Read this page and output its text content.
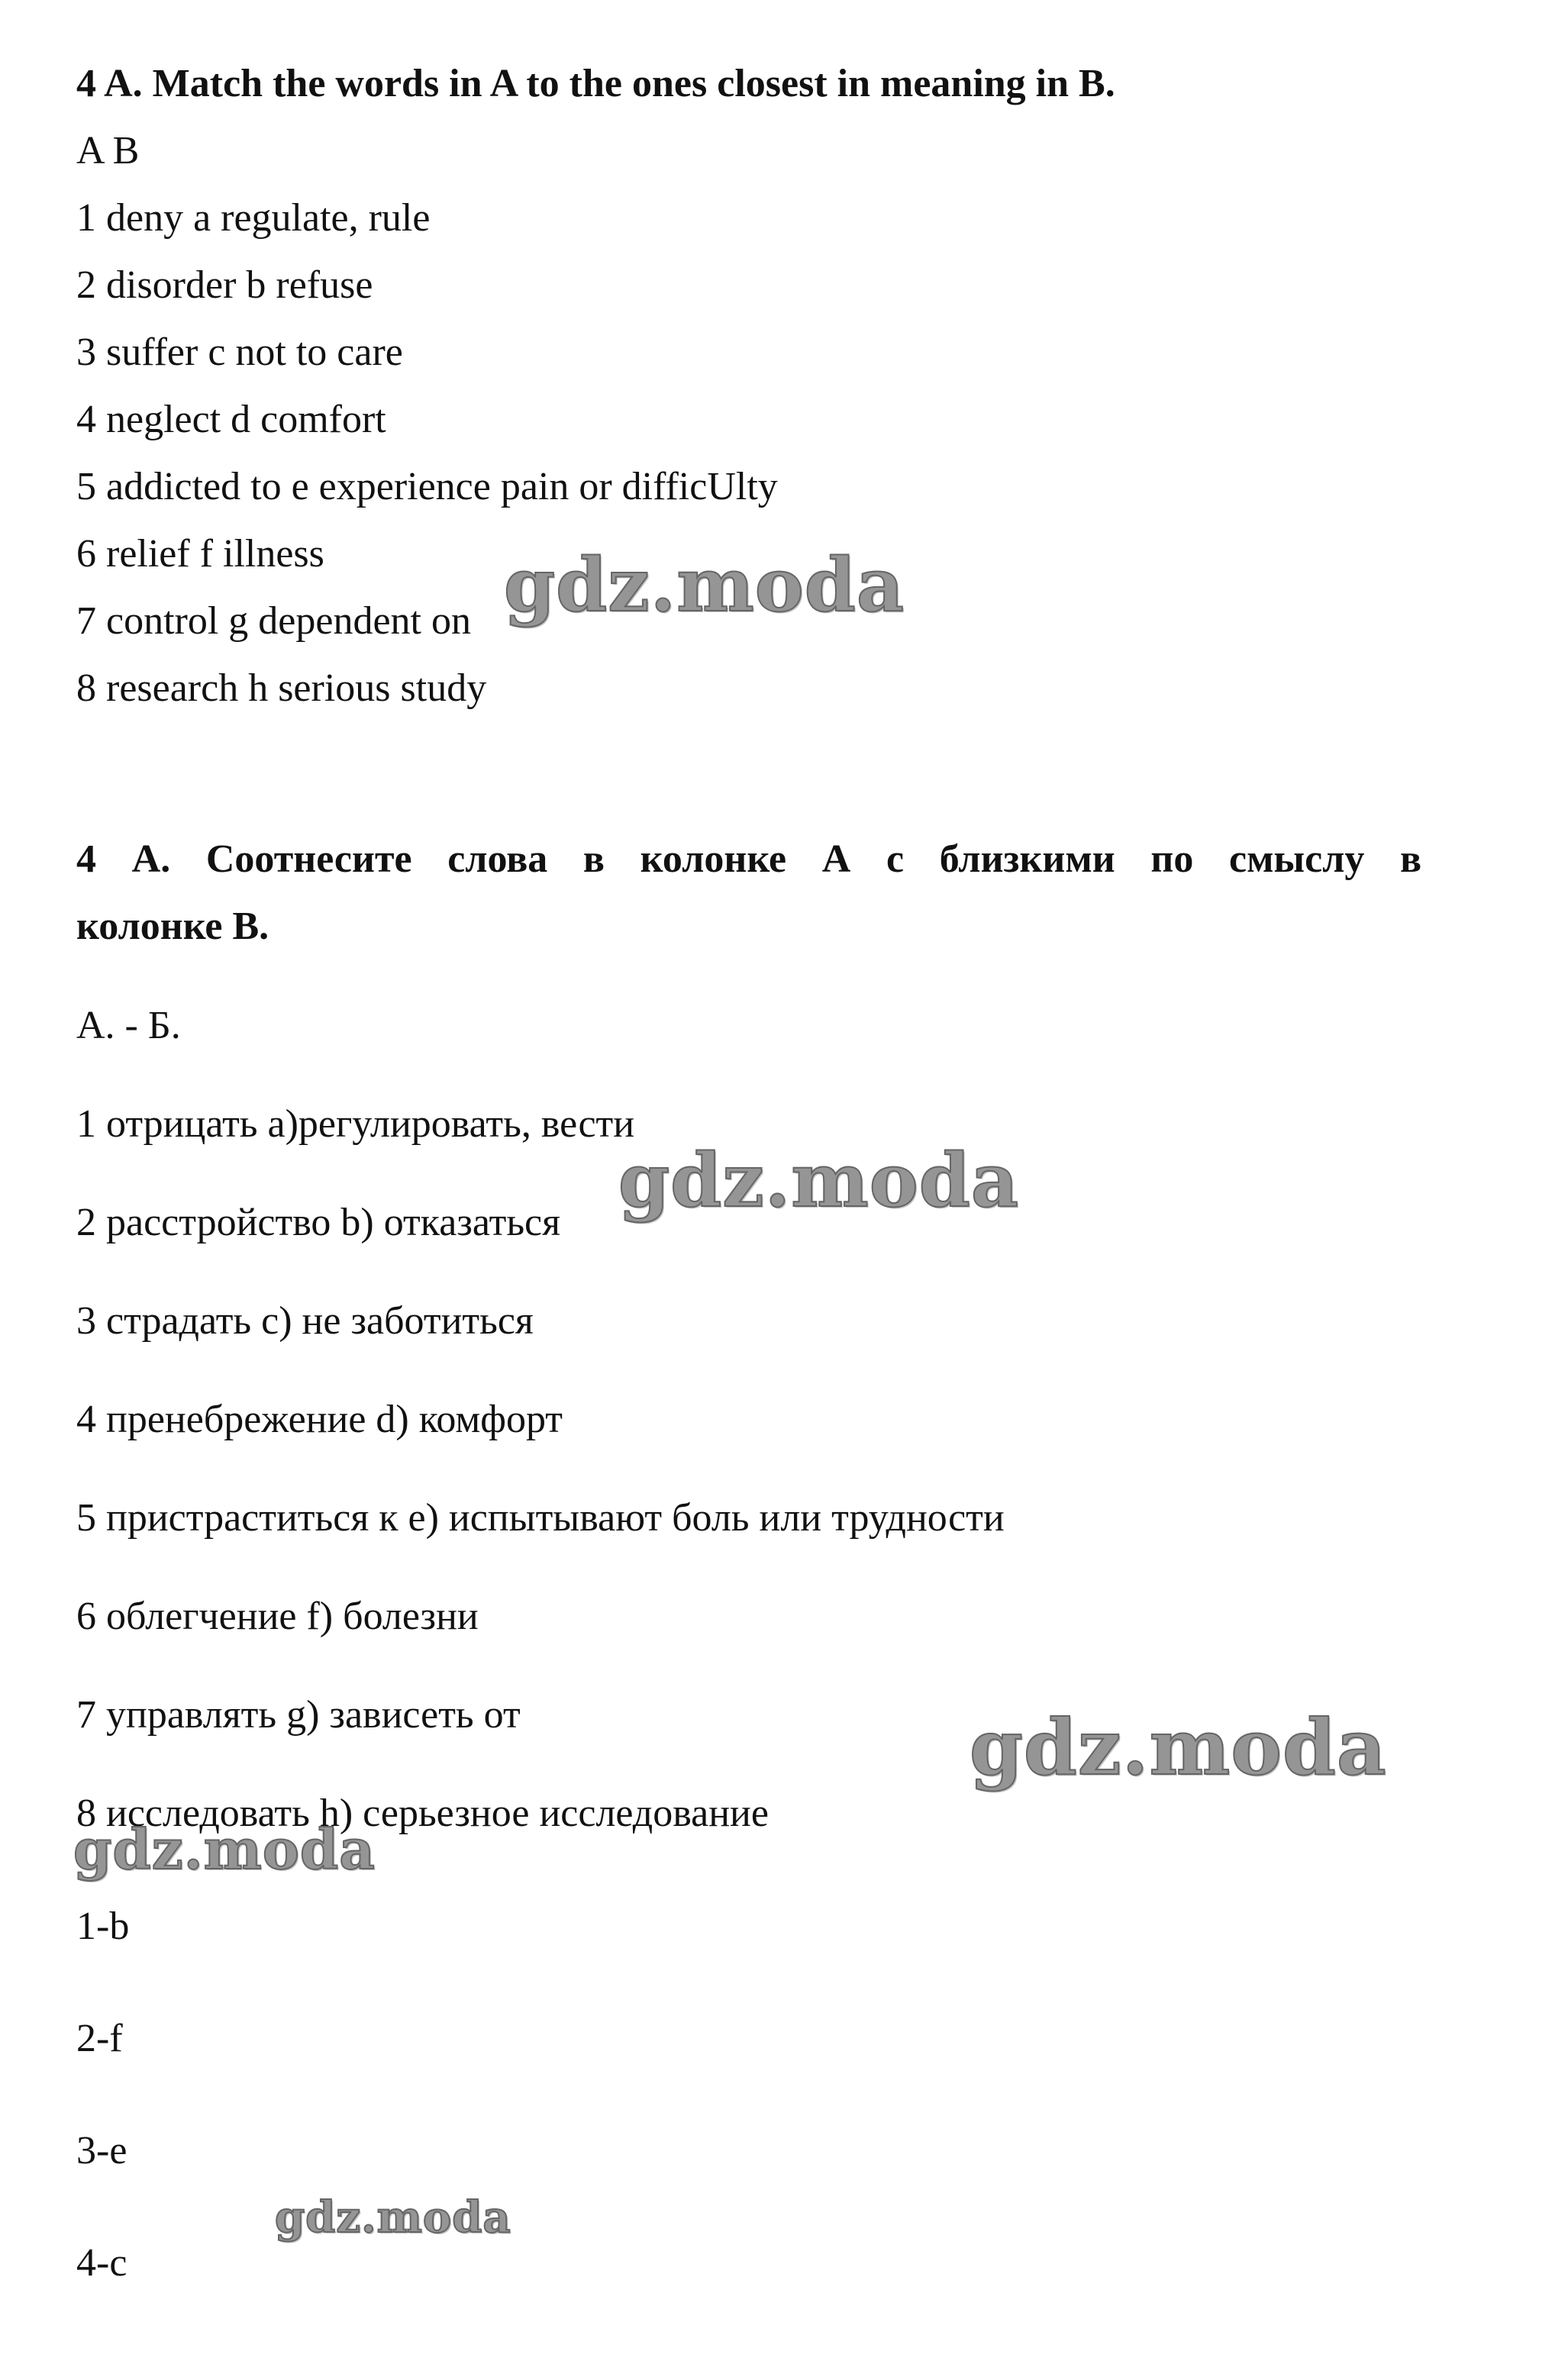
4 A. Match the words in A to the ones closest in meaning in B.
A B
1 deny a regulate, rule
2 disorder b refuse
3 suffer c not to care
4 neglect d comfort
5 addicted to e experience pain or difficUlty
6 relief f illness
7 control g dependent on
8 research h serious study
4 А. Соотнесите слова в колонке А с близкими по смыслу в
колонке В.
А. - Б.
1 отрицать а)регулировать, вести
2 расстройство b) отказаться
3 страдать c) не заботиться
4 пренебрежение d) комфорт
5 пристраститься к e) испытывают боль или трудности
6 облегчение f) болезни
7 управлять g) зависеть от
8 исследовать h) серьезное исследование
1-b
2-f
3-e
4-c
gdz.moda
gdz.moda
gdz.moda
gdz.moda
gdz.moda
